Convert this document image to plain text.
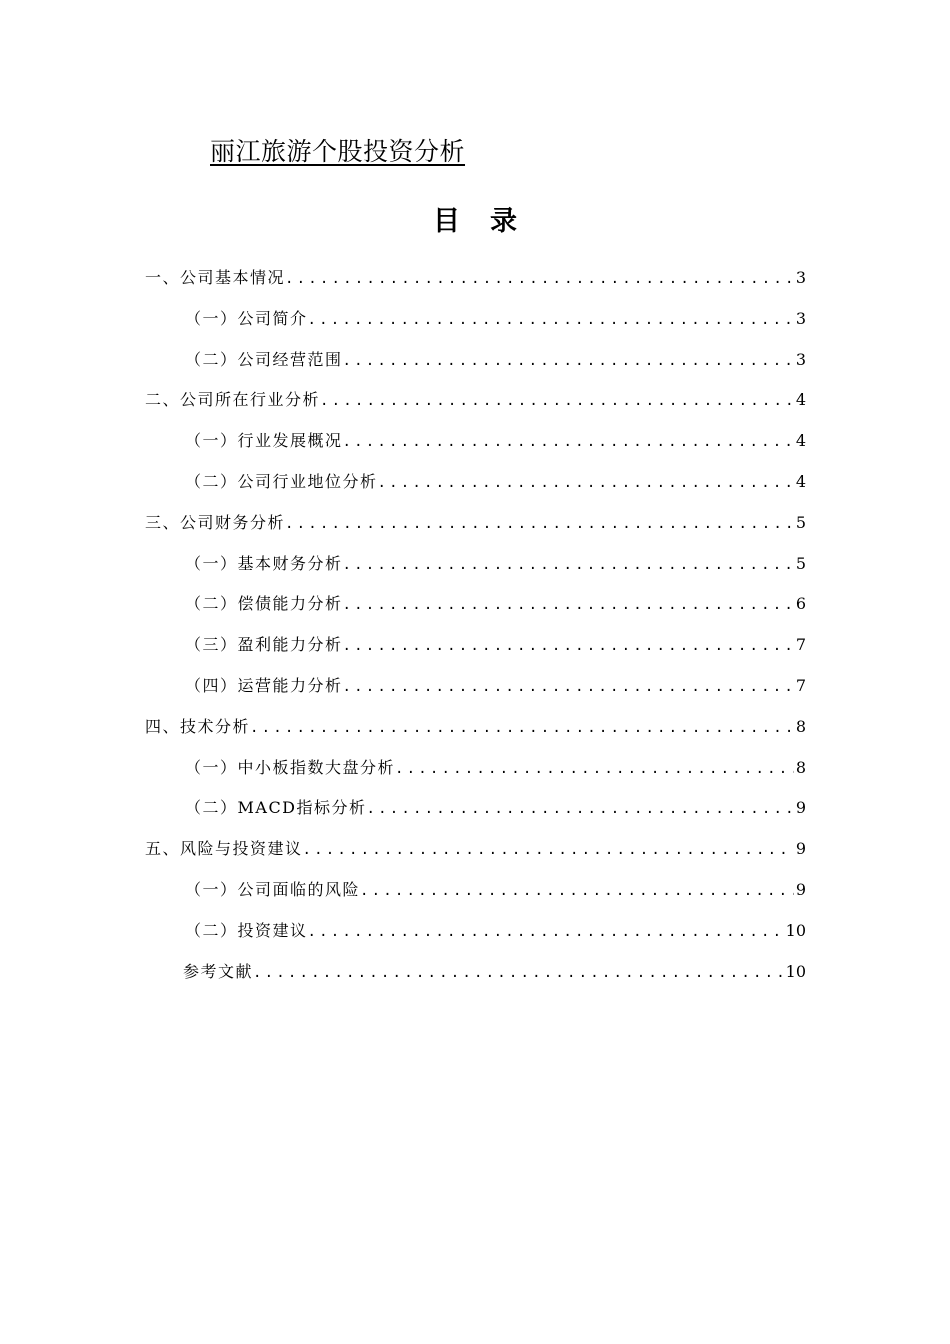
丽江旅游个股投资分析
目录
一、公司基本情况 .....	3
（一）公司简介 .....	3
（二）公司经营范围 .....	3
二、公司所在行业分析 .....	4
（一）行业发展概况 .....	4
（二）公司行业地位分析 .....	4
三、公司财务分析 .....	5
（一）基本财务分析 .....	5
（二）偿债能力分析 .....	6
（三）盈利能力分析 .....	7
（四）运营能力分析 .....	7
四、技术分析 .....	8
（一）中小板指数大盘分析 .....	8
（二）MACD指标分析 .....	9
五、风险与投资建议 .....	9
（一）公司面临的风险 .....	9
（二）投资建议 .....	10
参考文献 .....	10
